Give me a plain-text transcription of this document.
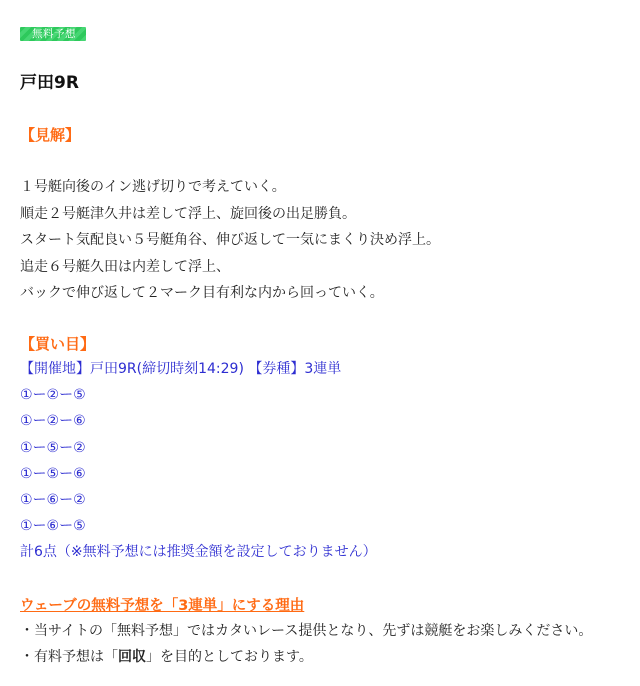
無料予想
戸田9R
【見解】
１号艇向後のイン逃げ切りで考えていく。
順走２号艇津久井は差して浮上、旋回後の出足勝負。
スタート気配良い５号艇角谷、伸び返して一気にまくり決め浮上。
追走６号艇久田は内差して浮上、
バックで伸び返して２マーク目有利な内から回っていく。
【買い目】
【開催地】戸田9R(締切時刻14:29) 【券種】3連単
①ー②ー⑤
①ー②ー⑥
①ー⑤ー②
①ー⑤ー⑥
①ー⑥ー②
①ー⑥ー⑤
計6点（※無料予想には推奨金額を設定しておりません）
ウェーブの無料予想を「3連単」にする理由
・当サイトの「無料予想」ではカタいレース提供となり、先ずは競艇をお楽しみください。
・有料予想は「回収」を目的としております。
